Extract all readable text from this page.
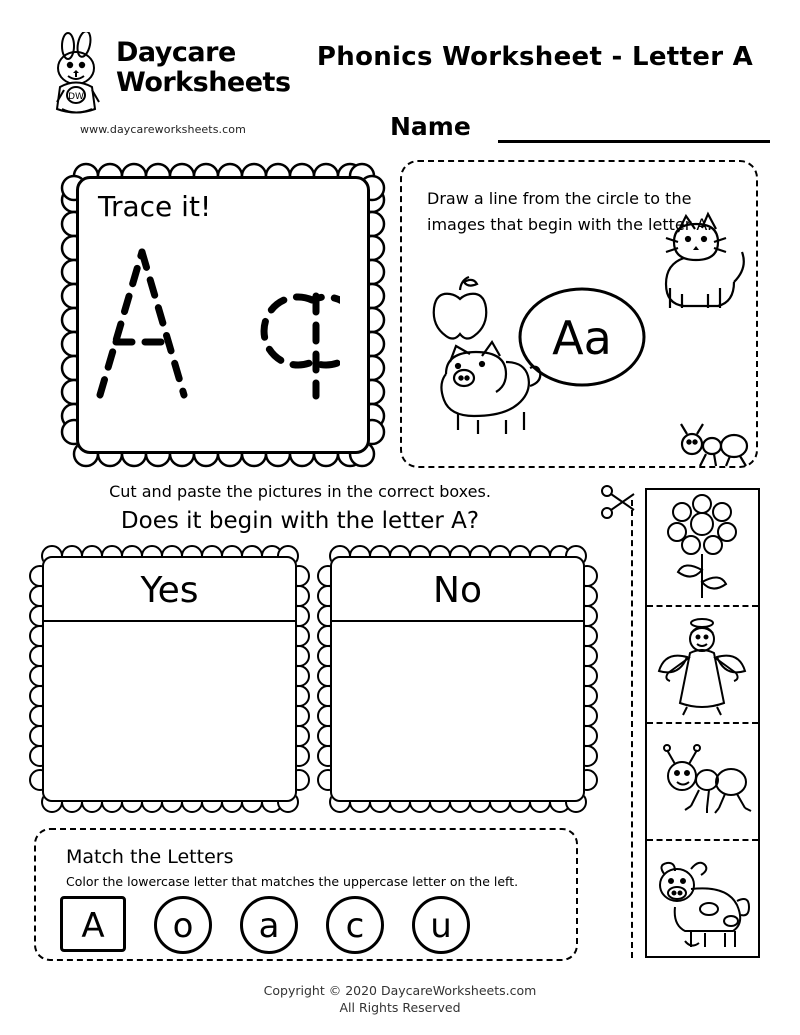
DW
Daycare
Worksheets
www.daycareworksheets.com
Phonics Worksheet - Letter A
Name
Trace it!	Draw a line from the circle to the images that begin with the letter A.
Aa
Cut and paste the pictures in the correct boxes.
Does it begin with the letter A?
Yes	No
Match the Letters
Color the lowercase letter that matches the uppercase letter on the left.
A	o	a	c	u
Copyright © 2020 DaycareWorksheets.com
All Rights Reserved
